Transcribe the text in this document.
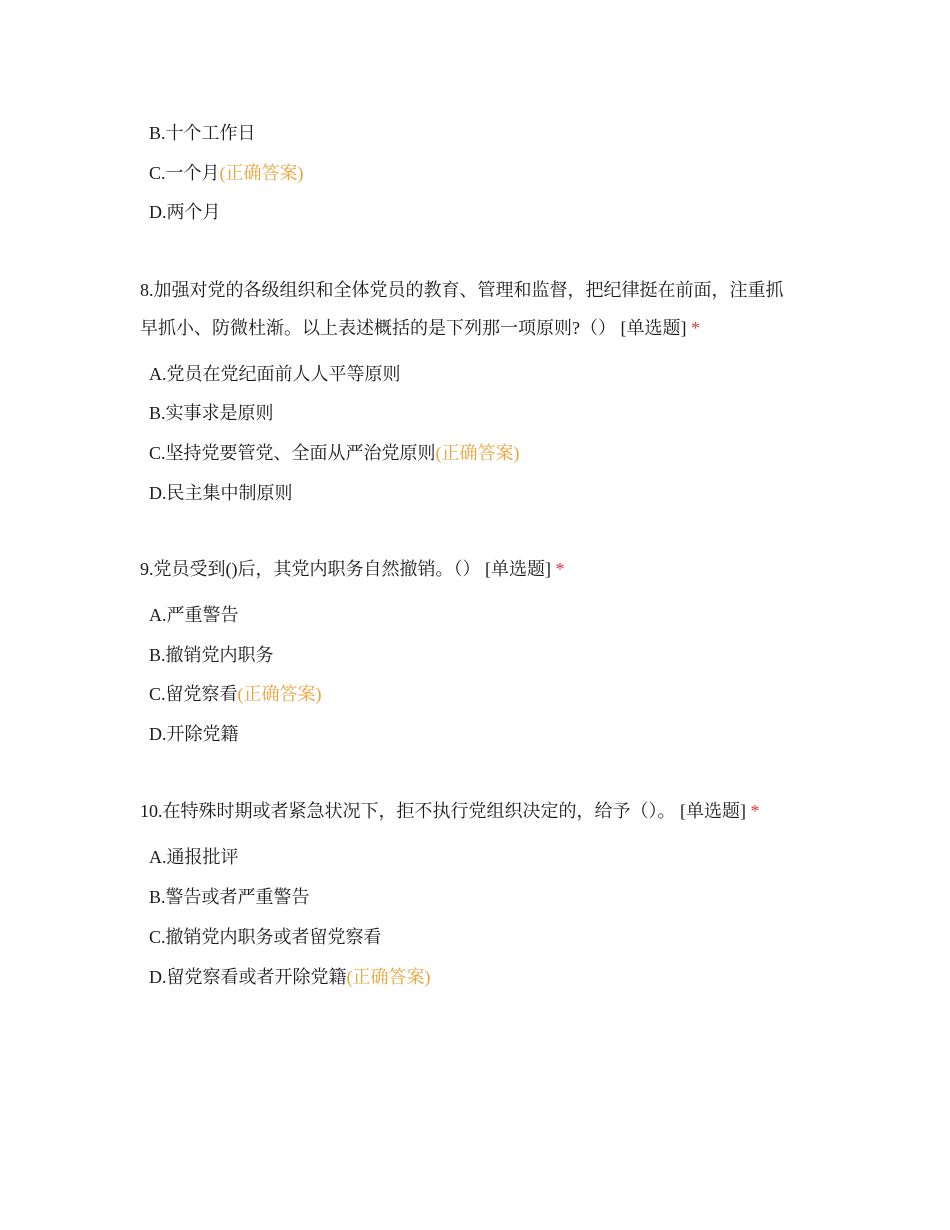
B.十个工作日
C.一个月(正确答案)
D.两个月
8.加强对党的各级组织和全体党员的教育、管理和监督，把纪律挺在前面，注重抓
早抓小、防微杜渐。以上表述概括的是下列那一项原则?（） [单选题] *
A.党员在党纪面前人人平等原则
B.实事求是原则
C.坚持党要管党、全面从严治党原则(正确答案)
D.民主集中制原则
9.党员受到()后，其党内职务自然撤销。（） [单选题] *
A.严重警告
B.撤销党内职务
C.留党察看(正确答案)
D.开除党籍
10.在特殊时期或者紧急状况下，拒不执行党组织决定的，给予（）。 [单选题] *
A.通报批评
B.警告或者严重警告
C.撤销党内职务或者留党察看
D.留党察看或者开除党籍(正确答案)
